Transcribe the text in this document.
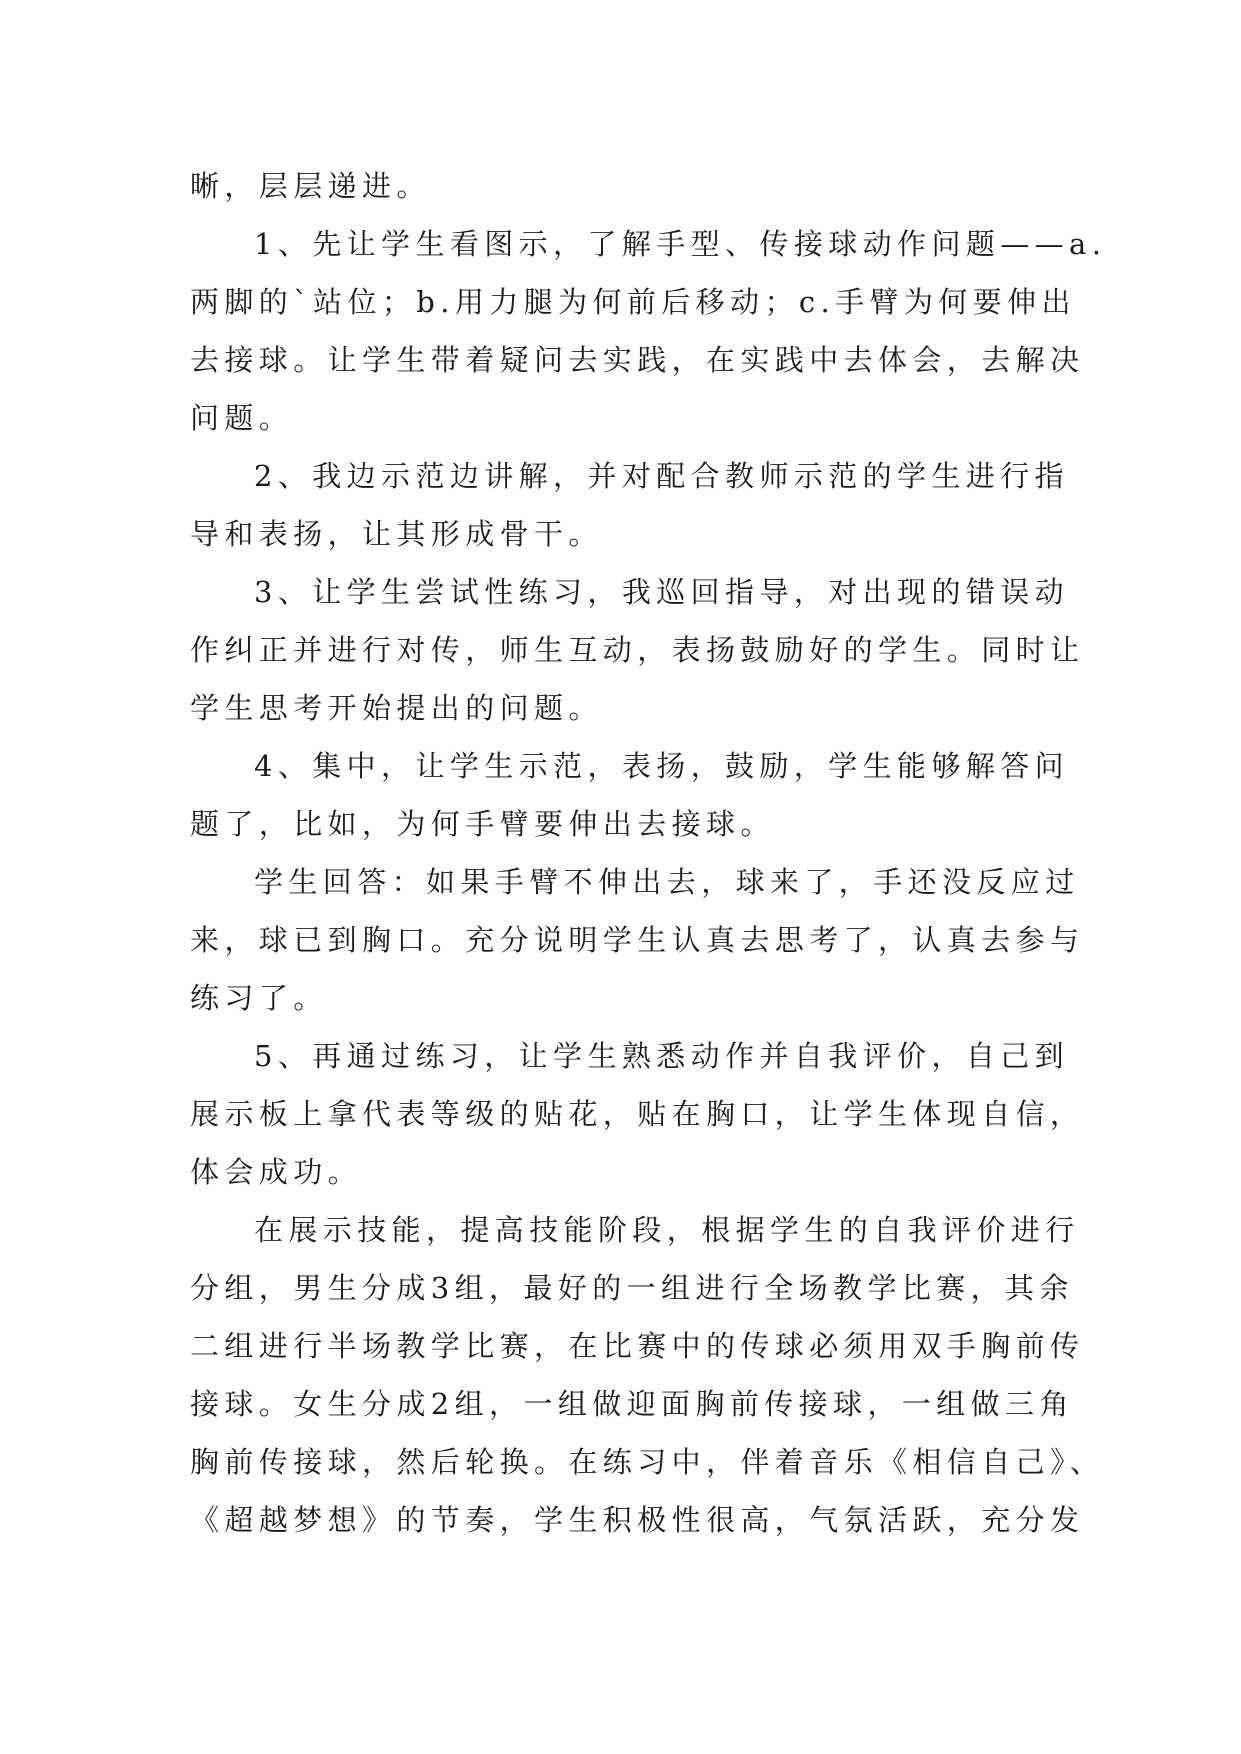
晰，层层递进。
1、先让学生看图示，了解手型、传接球动作问题——a.
两脚的`站位；b.用力腿为何前后移动；c.手臂为何要伸出
去接球。让学生带着疑问去实践，在实践中去体会，去解决
问题。
2、我边示范边讲解，并对配合教师示范的学生进行指
导和表扬，让其形成骨干。
3、让学生尝试性练习，我巡回指导，对出现的错误动
作纠正并进行对传，师生互动，表扬鼓励好的学生。同时让
学生思考开始提出的问题。
4、集中，让学生示范，表扬，鼓励，学生能够解答问
题了，比如，为何手臂要伸出去接球。
学生回答：如果手臂不伸出去，球来了，手还没反应过
来，球已到胸口。充分说明学生认真去思考了，认真去参与
练习了。
5、再通过练习，让学生熟悉动作并自我评价，自己到
展示板上拿代表等级的贴花，贴在胸口，让学生体现自信，
体会成功。
在展示技能，提高技能阶段，根据学生的自我评价进行
分组，男生分成3组，最好的一组进行全场教学比赛，其余
二组进行半场教学比赛，在比赛中的传球必须用双手胸前传
接球。女生分成2组，一组做迎面胸前传接球，一组做三角
胸前传接球，然后轮换。在练习中，伴着音乐《相信自己》、
《超越梦想》的节奏，学生积极性很高，气氛活跃，充分发
